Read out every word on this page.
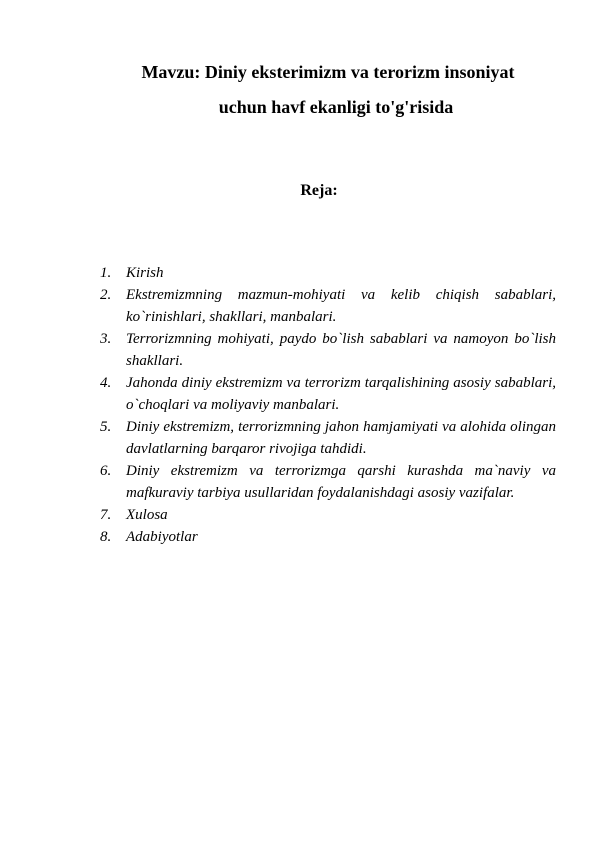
Mavzu: Diniy eksterimizm va terorizm insoniyat
uchun havf ekanligi to'g'risida
Reja:
1. Kirish
2. Ekstremizmning mazmun-mohiyati va kelib chiqish sabablari, ko`rinishlari, shakllari, manbalari.
3. Terrorizmning mohiyati, paydo bo`lish sabablari va namoyon bo`lish shakllari.
4. Jahonda diniy ekstremizm va terrorizm tarqalishining asosiy sabablari, o`choqlari va moliyaviy manbalari.
5. Diniy ekstremizm, terrorizmning jahon hamjamiyati va alohida olingan davlatlarning barqaror rivojiga tahdidi.
6. Diniy ekstremizm va terrorizmga qarshi kurashda ma`naviy va mafkuraviy tarbiya usullaridan foydalanishdagi asosiy vazifalar.
7. Xulosa
8. Adabiyotlar
